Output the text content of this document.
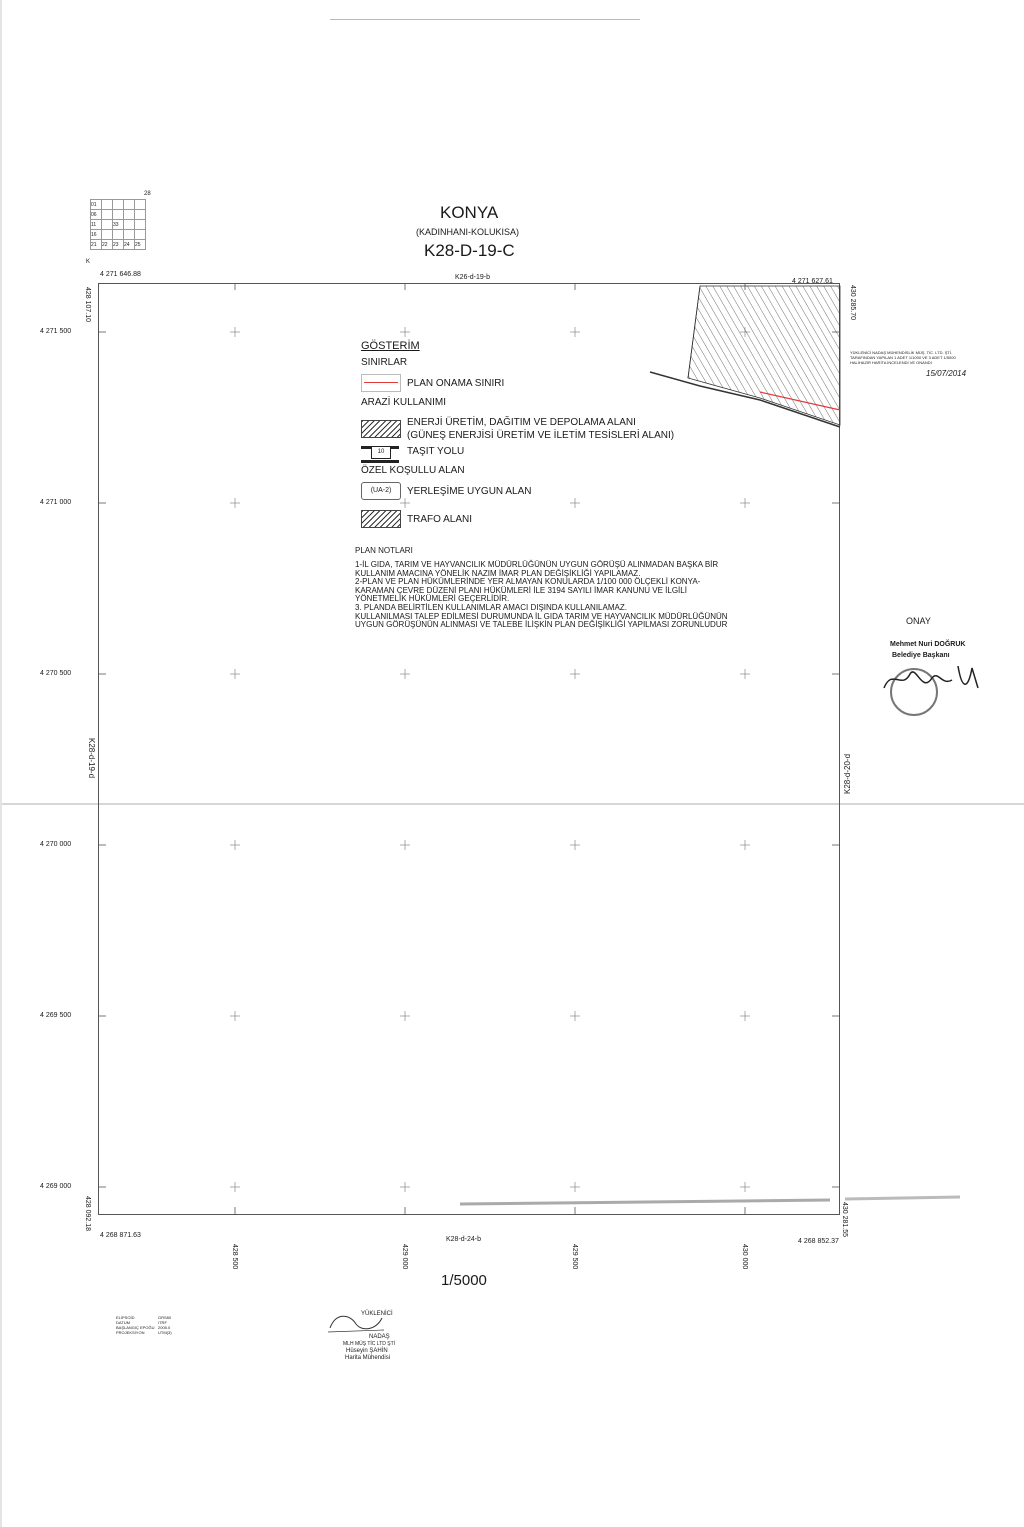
01				
06				
11		33		
16				
21	22	23	24	25
28
K
KONYA
(KADINHANI-KOLUKISA)
K28-D-19-C
4 271 646.88
428 107.10
K26-d-19-b
4 271 627.61
430 285.70
4 271 500
4 271 000
4 270 500
4 270 000
4 269 500
4 269 000
K28-d-19-d	K28-d-20-d
GÖSTERİM
SINIRLAR
PLAN ONAMA SINIRI
ARAZİ KULLANIMI
ENERJİ ÜRETİM, DAĞITIM VE DEPOLAMA ALANI
(GÜNEŞ ENERJİSİ ÜRETİM VE İLETİM TESİSLERİ ALANI)
10	TAŞIT YOLU
ÖZEL KOŞULLU ALAN
(UA-2)	YERLEŞİME UYGUN ALAN
TRAFO ALANI
PLAN NOTLARI
1-İL GIDA, TARIM VE HAYVANCILIK MÜDÜRLÜĞÜNÜN UYGUN GÖRÜŞÜ ALINMADAN BAŞKA BİR
KULLANIM AMACINA YÖNELİK NAZIM İMAR PLAN DEĞİŞİKLİĞİ YAPILAMAZ.
2-PLAN VE PLAN HÜKÜMLERİNDE YER ALMAYAN KONULARDA 1/100 000 ÖLÇEKLİ KONYA-
KARAMAN ÇEVRE DÜZENİ PLANI HÜKÜMLERİ İLE 3194 SAYILI İMAR KANUNU VE İLGİLİ
YÖNETMELİK HÜKÜMLERİ GEÇERLİDİR.
3. PLANDA BELİRTİLEN KULLANIMLAR AMACI DIŞINDA KULLANILAMAZ.
KULLANILMASI TALEP EDİLMESİ DURUMUNDA İL GIDA TARIM VE HAYVANCILIK MÜDÜRLÜĞÜNÜN
UYGUN GÖRÜŞÜNÜN ALINMASI VE TALEBE İLİŞKİN PLAN DEĞİŞİKLİĞİ YAPILMASI ZORUNLUDUR
YÜKLENİCİ NADAŞ MÜHENDİSLİK MÜŞ. TİC. LTD. ŞTİ.
TARAFINDAN YAPILAN 1 ADET 1/1000 VE 3 ADET 1/5000
HALİHAZIR HARİTA İNCELENDİ VE ONANDI
15/07/2014
ONAY
Mehmet Nuri DOĞRUK
Belediye Başkanı
428 092.18	430 281.55
4 268 871.63
K28-d-24-b	4 268 852.37
428 500	429 000	429 500	430 000
1/5000
ELİPSOİD	GRS80
DATUM	ITRF
BAŞLANGIÇ EPOĞU 2005.0
PROJEKSİYON	UTM(3)
YÜKLENİCİ
NADAŞ
MLH MÜŞ TİC LTD ŞTİ
Hüseyin ŞAHİN
Harita Mühendisi
